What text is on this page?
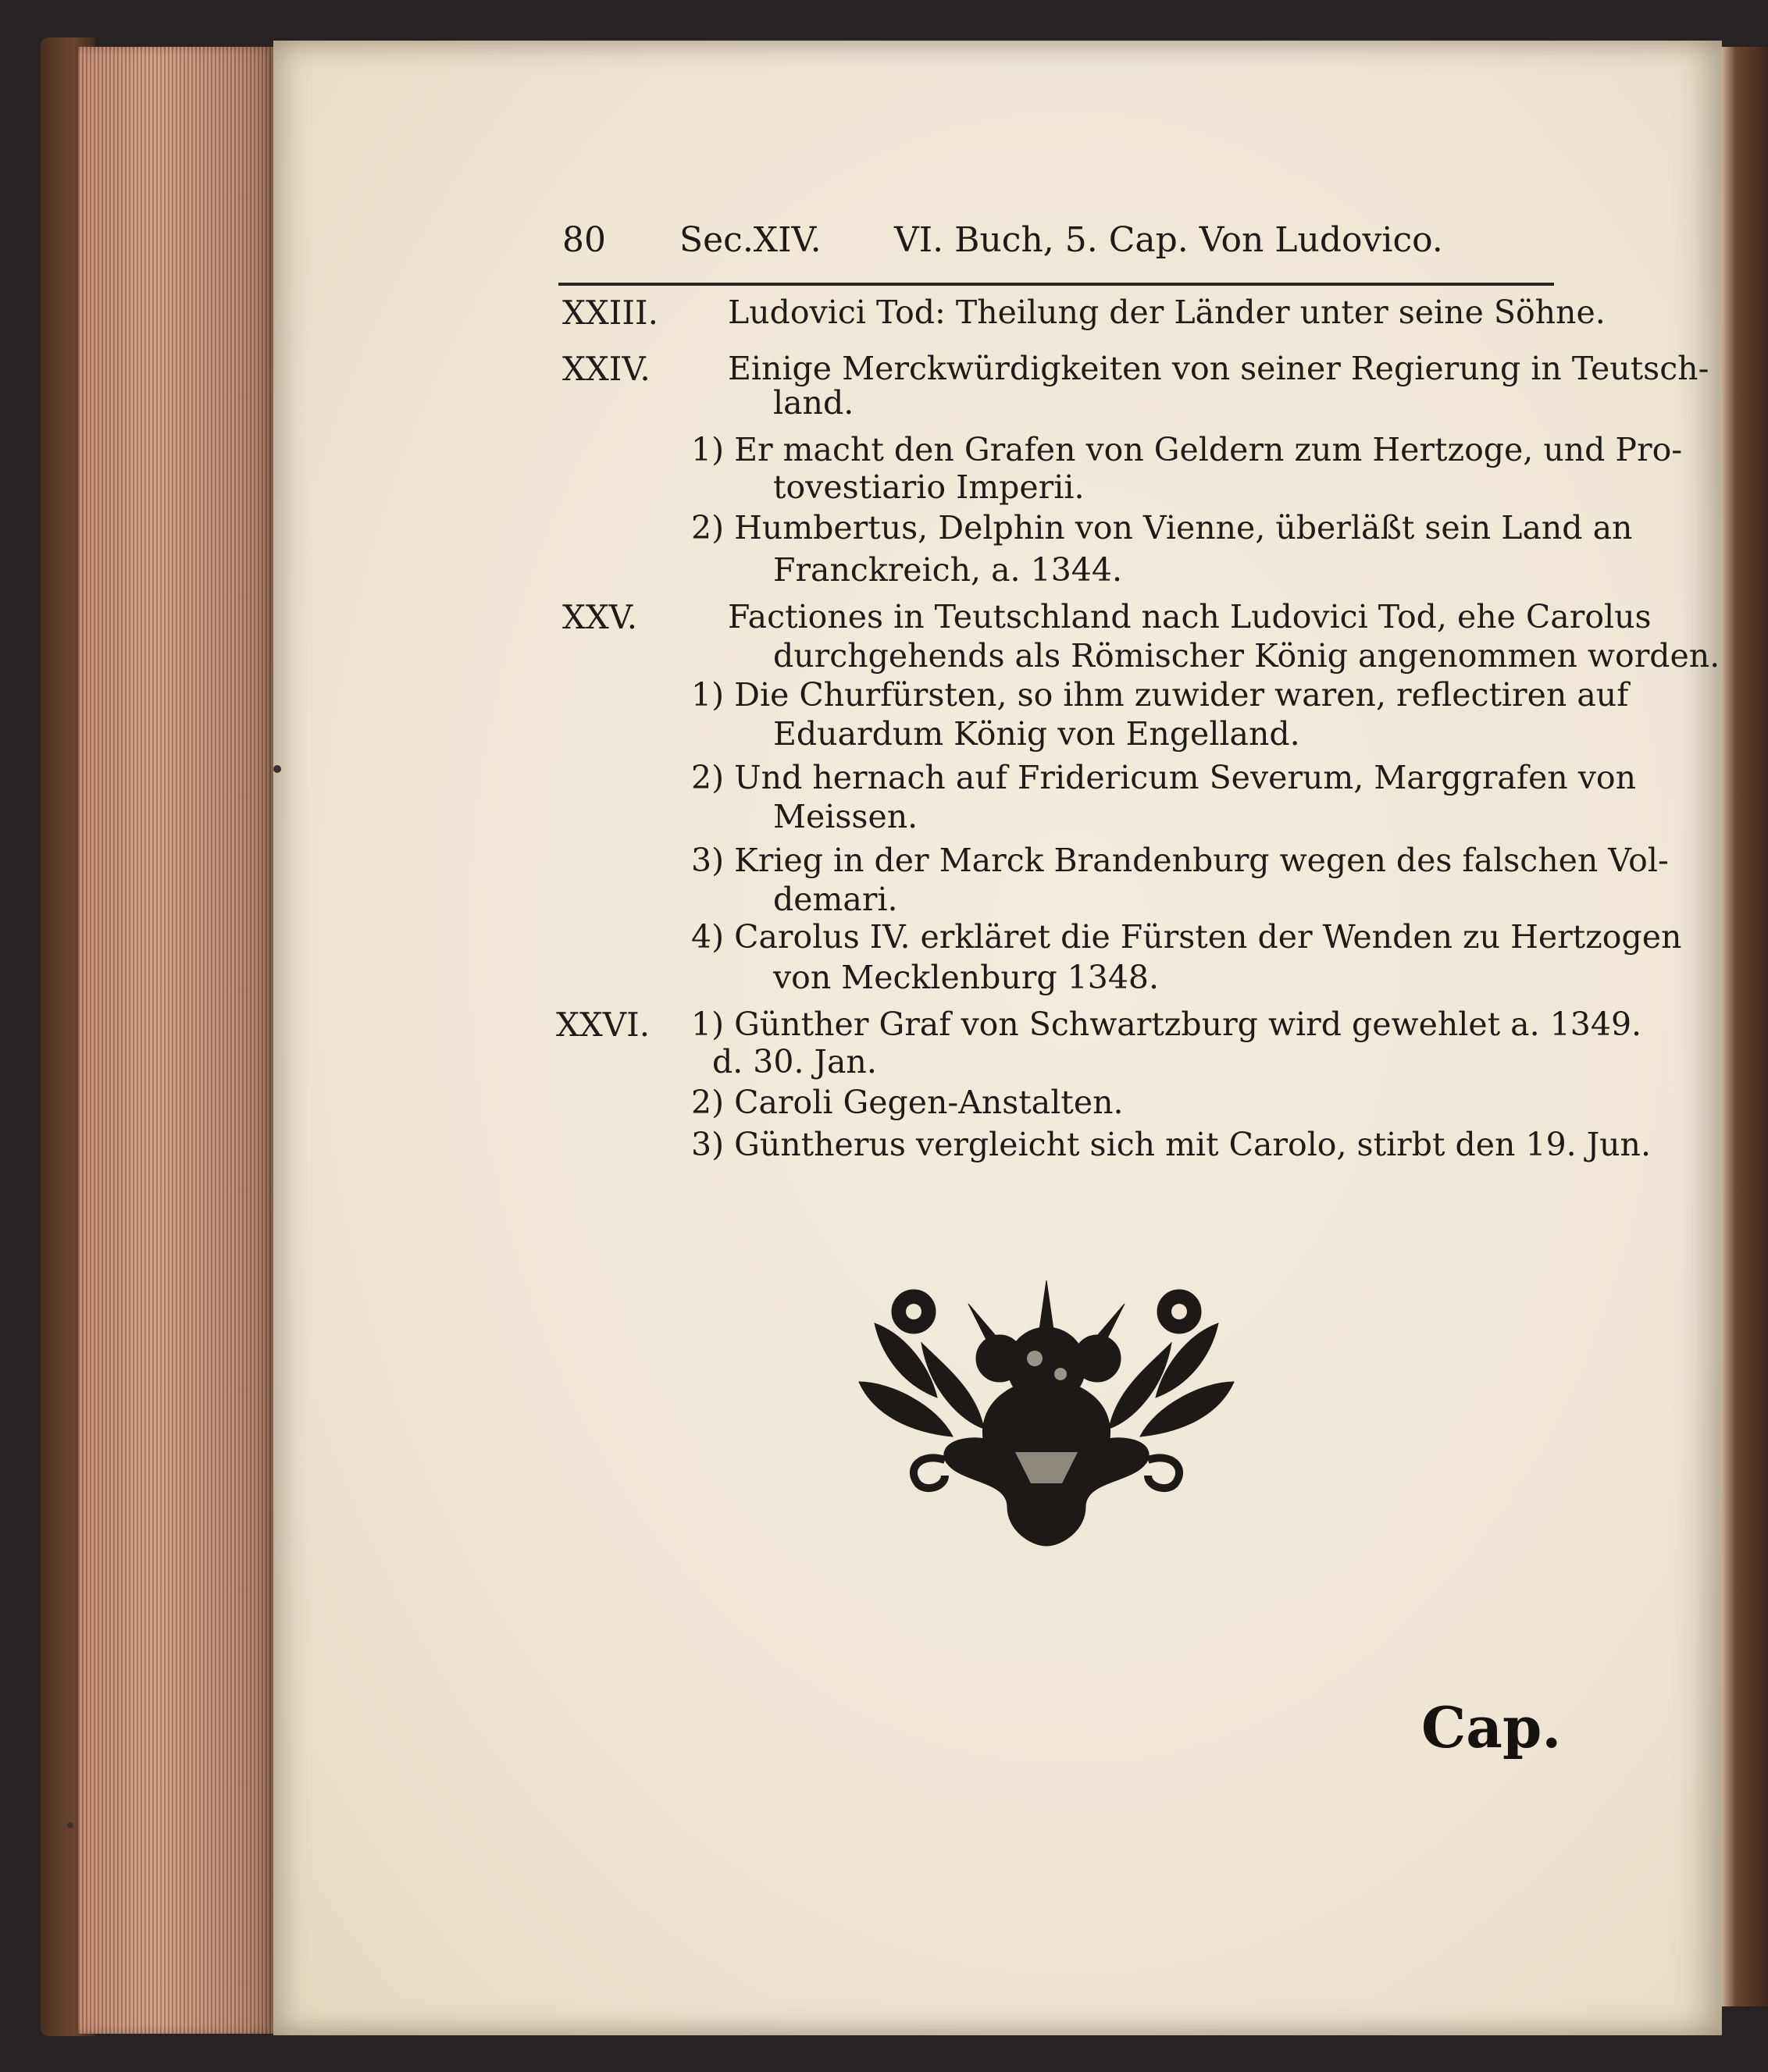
80 Sec.XIV. VI. Buch, 5. Cap. Von Ludovico.
XXIII. Ludovici Tod: Theilung der Länder unter seine Söhne.
XXIV. Einige Merckwürdigkeiten von seiner Regierung in Teutsch-
land.
1) Er macht den Grafen von Geldern zum Hertzoge, und Pro-
tovestiario Imperii.
2) Humbertus, Delphin von Vienne, überläßt sein Land an
Franckreich, a. 1344.
XXV.	Factiones in Teutschland nach Ludovici Tod, ehe Carolus
durchgehends als Römischer König angenommen worden.
1) Die Churfürsten, so ihm zuwider waren, reflectiren auf
Eduardum König von Engelland.
2) Und hernach auf Fridericum Severum, Marggrafen von
Meissen.
3) Krieg in der Marck Brandenburg wegen des falschen Vol-
demari.
4) Carolus IV. erkläret die Fürsten der Wenden zu Hertzogen
von Mecklenburg 1348.
XXVI. 1) Günther Graf von Schwartzburg wird gewehlet a. 1349.
d. 30. Jan.
2) Caroli Gegen-Anstalten.
3) Güntherus vergleicht sich mit Carolo, stirbt den 19. Jun.
Cap.
